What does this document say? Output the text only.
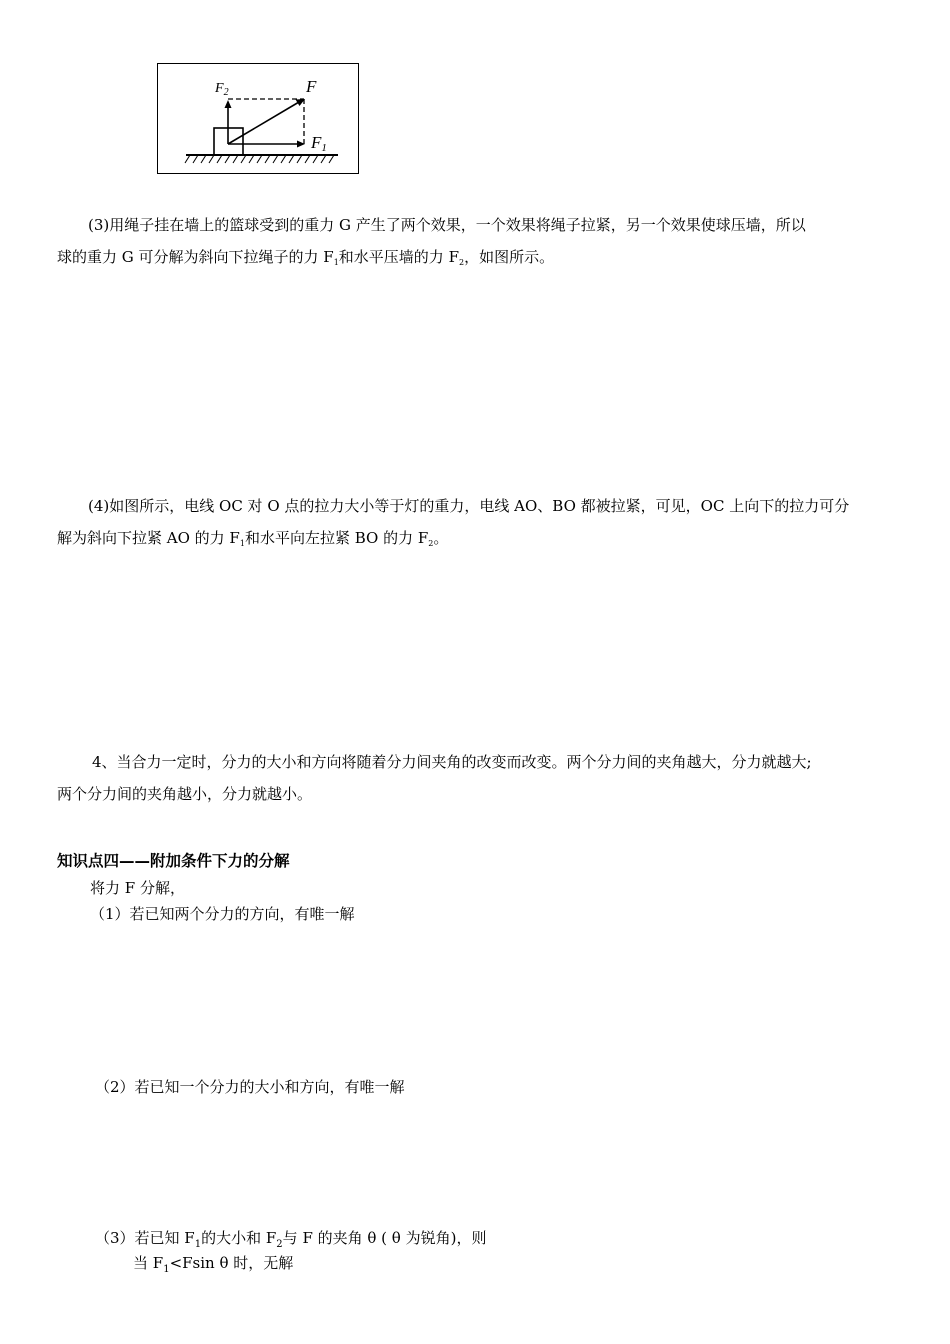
F
$F_2$
F1
(3)用绳子挂在墙上的篮球受到的重力 G 产生了两个效果，一个效果将绳子拉紧，另一个效果使球压墙，所以
球的重力 G 可分解为斜向下拉绳子的力 $F_1$和水平压墙的力 $F_2$，如图所示。
(4)如图所示，电线 OC 对 O 点的拉力大小等于灯的重力，电线 AO、BO 都被拉紧，可见，OC 上向下的拉力可分
解为斜向下拉紧 AO 的力 $F_1$和水平向左拉紧 BO 的力 $F_2$。
4、当合力一定时，分力的大小和方向将随着分力间夹角的改变而改变。两个分力间的夹角越大，分力就越大;
两个分力间的夹角越小，分力就越小。
知识点四——附加条件下力的分解
将力 F 分解，
（1）若已知两个分力的方向，有唯一解
（2）若已知一个分力的大小和方向，有唯一解
（3）若已知 $F_1$的大小和 $F_2$与 F 的夹角 θ ( θ 为锐角)，则
当 $F_1<Fsin$ θ 时，无解
